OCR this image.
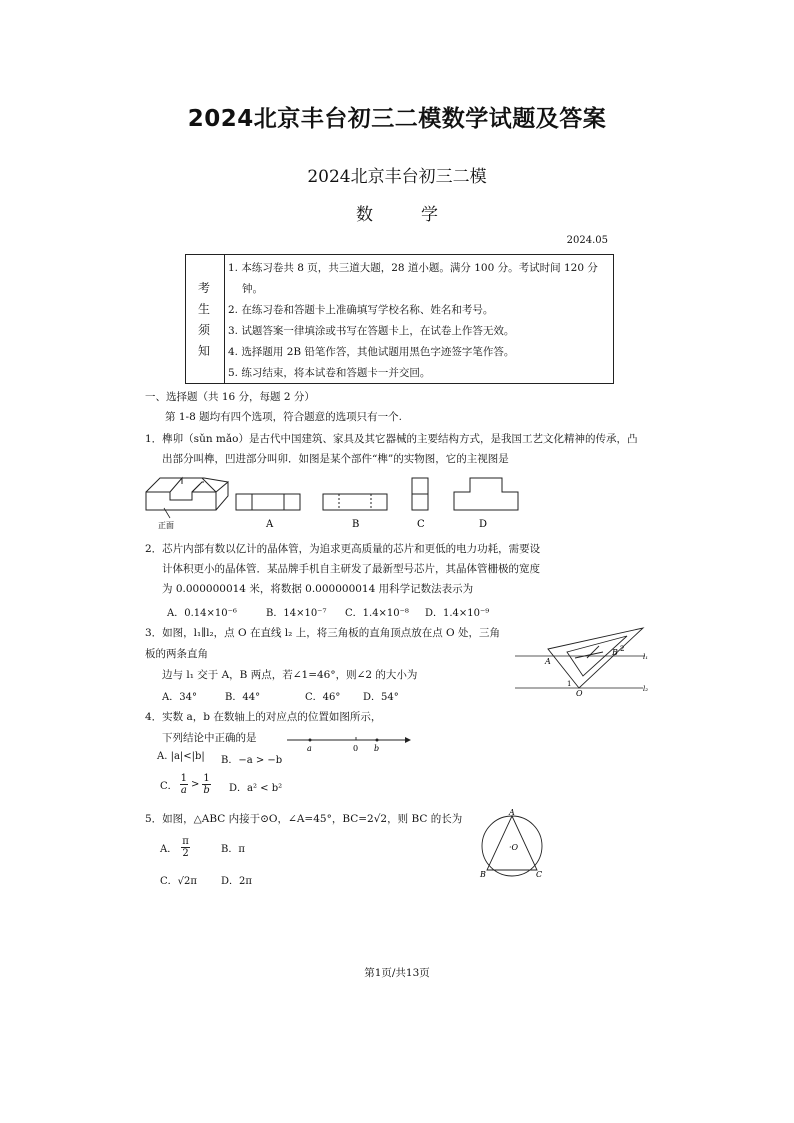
2024北京丰台初三二模数学试题及答案
2024北京丰台初三二模
数	学
2024.05
考
生
须
知
1. 本练习卷共 8 页，共三道大题，28 道小题。满分 100 分。考试时间 120 分
钟。
2. 在练习卷和答题卡上准确填写学校名称、姓名和考号。
3. 试题答案一律填涂或书写在答题卡上，在试卷上作答无效。
4. 选择题用 2B 铅笔作答，其他试题用黑色字迹签字笔作答。
5. 练习结束，将本试卷和答题卡一并交回。
一、选择题（共 16 分，每题 2 分）
第 1-8 题均有四个选项，符合题意的选项只有一个.
1．榫卯（sǔn mǎo）是古代中国建筑、家具及其它器械的主要结构方式，是我国工艺文化精神的传承，凸
出部分叫榫，凹进部分叫卯．如图是某个部件“榫”的实物图，它的主视图是
正面	A	B	C	D
2．芯片内部有数以亿计的晶体管，为追求更高质量的芯片和更低的电力功耗，需要设
计体积更小的晶体管．某品牌手机自主研发了最新型号芯片，其晶体管栅极的宽度
为 0.000000014 米，将数据 0.000000014 用科学记数法表示为
A．0.14×10⁻⁶	B．14×10⁻⁷ C．1.4×10⁻⁸ D．1.4×10⁻⁹
3．如图，l₁∥l₂，点 O 在直线 l₂ 上，将三角板的直角顶点放在点 O 处，三角
板的两条直角
边与 l₁ 交于 A，B 两点，若∠1=46°，则∠2 的大小为
A．34°	B．44°	C．46° D．54°
A
B
O
1
2
l₁
l₂
4．实数 a，b 在数轴上的对应点的位置如图所示，
下列结论中正确的是
A. |a|<|b| B．−a > −b
C． $\frac{1}{a} > \frac{1}{b}$ D．a² < b²
a	0 b
5．如图，△ABC 内接于⊙O，∠A=45°，BC=2√2，则 BC 的长为
A． $\frac{\pi}{2}$	B．π
C．√2π D．2π
A
B	C
·O
第1页/共13页
